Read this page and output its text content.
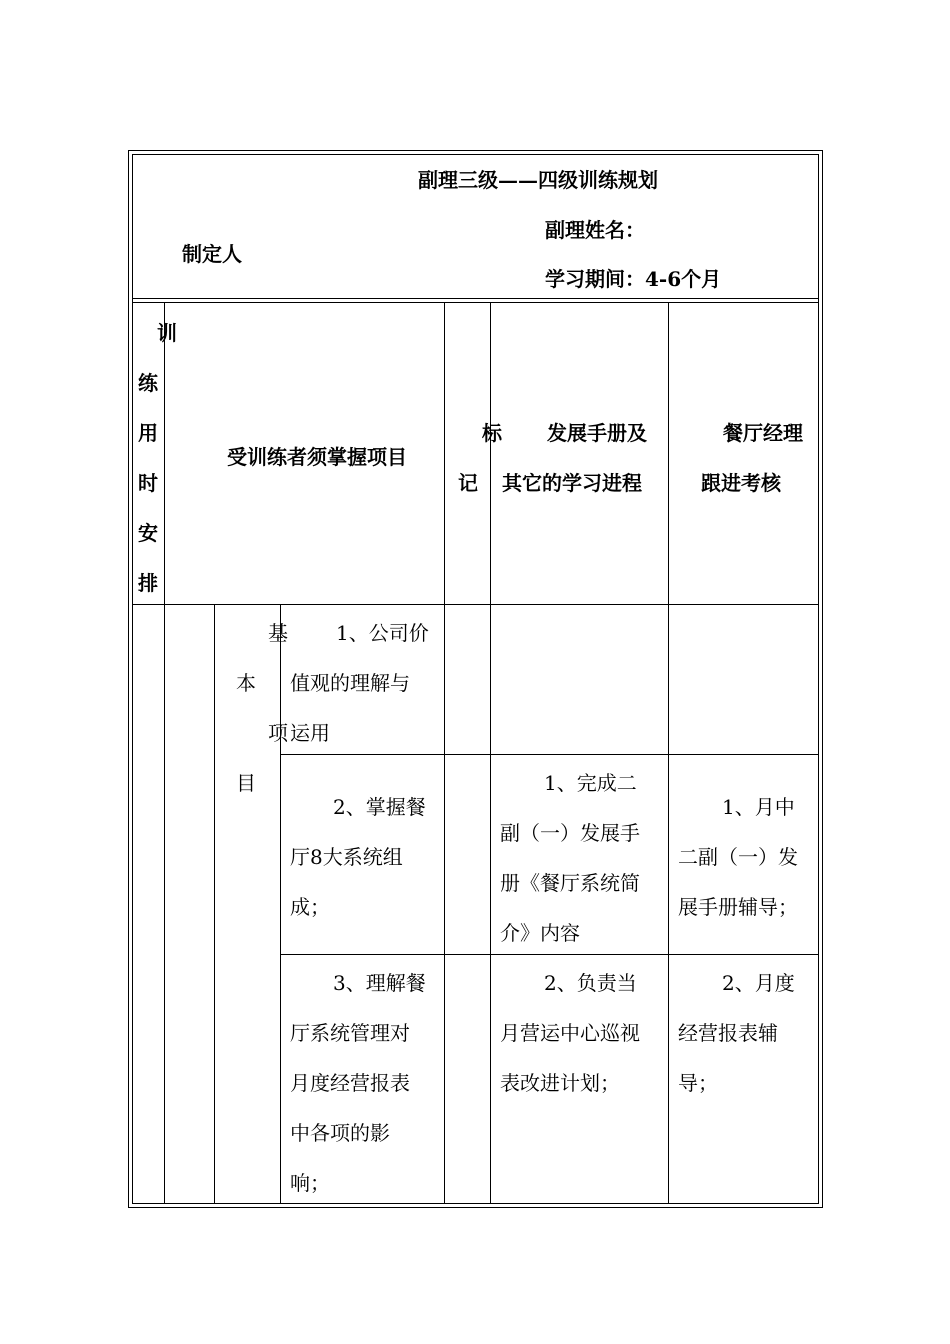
副理三级——四级训练规划
副理姓名：
制定人
学习期间：4-6个月
训
练
用
时
安
排
受训练者须掌握项目
标
记
发展手册及
其它的学习进程
餐厅经理
跟进考核
基
本
项
目
1、公司价
值观的理解与
运用
2、掌握餐
厅8大系统组
成；
1、完成二
副（一）发展手
册《餐厅系统简
介》内容
1、月中
二副（一）发
展手册辅导；
3、理解餐
厅系统管理对
月度经营报表
中各项的影
响；
2、负责当
月营运中心巡视
表改进计划；
2、月度
经营报表辅
导；
